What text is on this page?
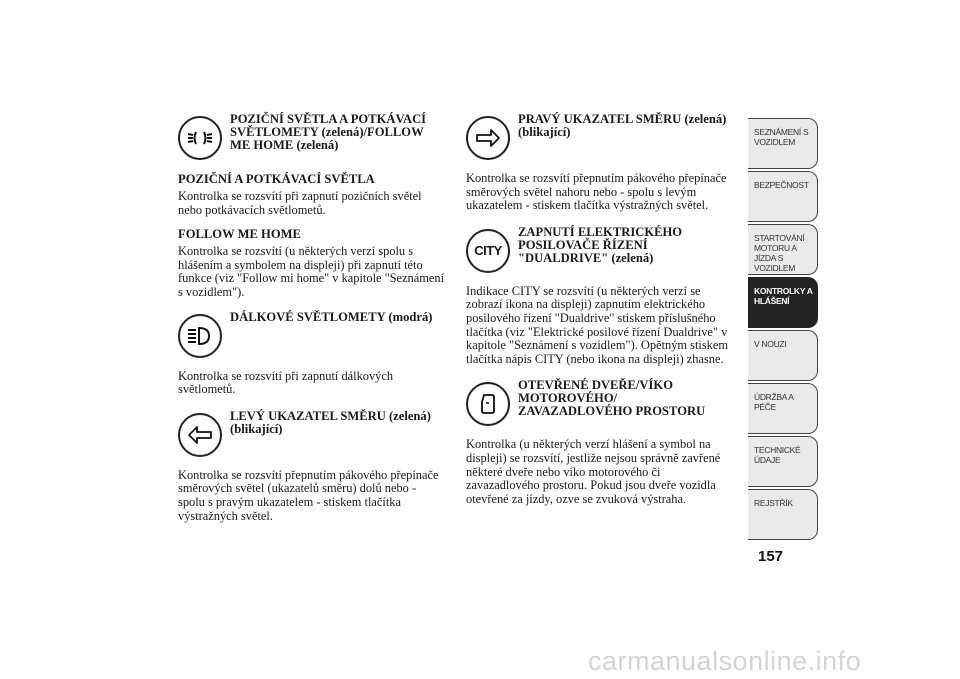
POZIČNÍ SVĚTLA A POTKÁVACÍ SVĚTLOMETY (zelená)/FOLLOW ME HOME (zelená)
POZIČNÍ A POTKÁVACÍ SVĚTLA
Kontrolka se rozsvítí při zapnutí pozičních světel nebo potkávacích světlometů.
FOLLOW ME HOME
Kontrolka se rozsvítí (u některých verzí spolu s hlášením a symbolem na displeji) při zapnutí této funkce (viz "Follow mi home" v kapitole "Seznámení s vozidlem").
DÁLKOVÉ SVĚTLOMETY (modrá)
Kontrolka se rozsvítí při zapnutí dálkových světlometů.
LEVÝ UKAZATEL SMĚRU (zelená) (blikající)
Kontrolka se rozsvítí přepnutím pákového přepínače směrových světel (ukazatelů směru) dolů nebo - spolu s pravým ukazatelem - stiskem tlačítka výstražných světel.
PRAVÝ UKAZATEL SMĚRU (zelená) (blikající)
Kontrolka se rozsvítí přepnutím pákového přepínače směrových světel nahoru nebo - spolu s levým ukazatelem - stiskem tlačítka výstražných světel.
CITY
ZAPNUTÍ ELEKTRICKÉHO POSILOVAČE ŘÍZENÍ "DUALDRIVE" (zelená)
Indikace CITY se rozsvítí (u některých verzí se zobrazí ikona na displeji) zapnutím elektrického posilového řízení "Dualdrive" stiskem příslušného tlačítka (viz "Elektrické posilové řízení Dualdrive" v kapitole "Seznámení s vozidlem"). Opětným stiskem tlačítka nápis CITY (nebo ikona na displeji) zhasne.
OTEVŘENÉ DVEŘE/VÍKO MOTOROVÉHO/ ZAVAZADLOVÉHO PROSTORU
Kontrolka (u některých verzí hlášení a symbol na displeji) se rozsvítí, jestliže nejsou správně zavřené některé dveře nebo víko motorového či zavazadlového prostoru. Pokud jsou dveře vozidla otevřené za jízdy, ozve se zvuková výstraha.
SEZNÁMENÍ S VOZIDLEM
BEZPEČNOST
STARTOVÁNÍ MOTORU A JÍZDA S VOZIDLEM
KONTROLKY A HLÁŠENÍ
V NOUZI
ÚDRŽBA A PÉČE
TECHNICKÉ ÚDAJE
REJSTŘÍK
157
carmanualsonline.info
